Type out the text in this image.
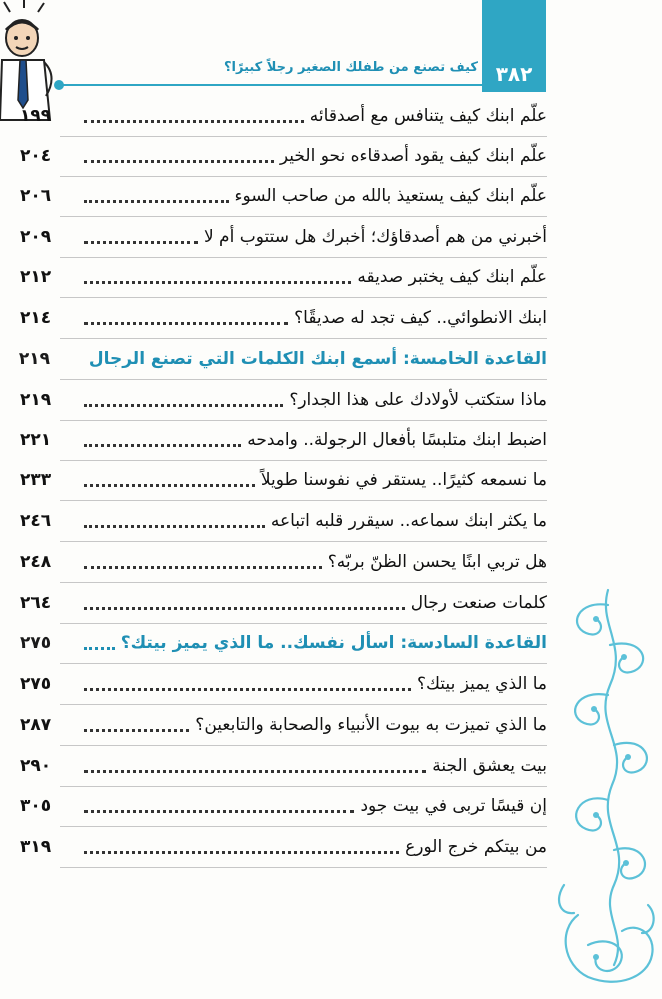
٣٨٢
كيف تصنع من طفلك الصغير رجلاً كبيرًا؟
علّم ابنك كيف يتنافس مع أصدقائه
١٩٩
علّم ابنك كيف يقود أصدقاءه نحو الخير
٢٠٤
علّم ابنك كيف يستعيذ بالله من صاحب السوء
٢٠٦
أخبرني من هم أصدقاؤك؛ أخبرك هل ستتوب أم لا
٢٠٩
علّم ابنك كيف يختبر صديقه
٢١٢
ابنك الانطوائي.. كيف تجد له صديقًا؟
٢١٤
القاعدة الخامسة: أسمع ابنك الكلمات التي تصنع الرجال
٢١٩
ماذا ستكتب لأولادك على هذا الجدار؟
٢١٩
اضبط ابنك متلبسًا بأفعال الرجولة.. وامدحه
٢٢١
ما نسمعه كثيرًا.. يستقر في نفوسنا طويلاً
٢٣٣
ما يكثر ابنك سماعه.. سيقرر قلبه اتباعه
٢٤٦
هل تربي ابنًا يحسن الظنّ بربّه؟
٢٤٨
كلمات صنعت رجال
٢٦٤
القاعدة السادسة: اسأل نفسك.. ما الذي يميز بيتك؟
٢٧٥
ما الذي يميز بيتك؟
٢٧٥
ما الذي تميزت به بيوت الأنبياء والصحابة والتابعين؟
٢٨٧
بيت يعشق الجنة
٢٩٠
إن قيسًا تربى في بيت جود
٣٠٥
من بيتكم خرج الورع
٣١٩
